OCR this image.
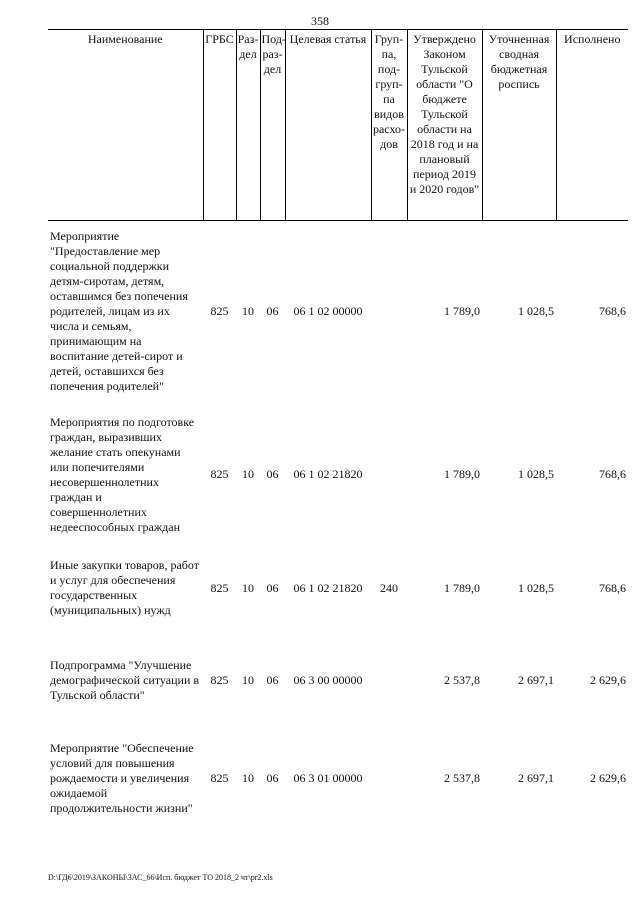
358
Наименование	ГРБС	Раз-дел	Под-раз-дел	Целевая статья	Груп-па, под-груп-па видов расхо-дов	Утверждено Законом Тульской области "О бюджете Тульской области на 2018 год и на плановый период 2019 и 2020 годов"	Уточненная сводная бюджетная роспись	Исполнено
Мероприятие "Предоставление мер социальной поддержки детям-сиротам, детям, оставшимся без попечения родителей, лицам из их числа и семьям, принимающим на воспитание детей-сирот и детей, оставшихся без попечения родителей"	825	10	06	06 1 02 00000		1 789,0	1 028,5	768,6
Мероприятия по подготовке граждан, выразивших желание стать опекунами или попечителями несовершеннолетних граждан и совершеннолетних недееспособных граждан	825	10	06	06 1 02 21820		1 789,0	1 028,5	768,6
Иные закупки товаров, работ и услуг для обеспечения государственных (муниципальных) нужд	825	10	06	06 1 02 21820	240	1 789,0	1 028,5	768,6
Подпрограмма "Улучшение демографической ситуации в Тульской области"	825	10	06	06 3 00 00000		2 537,8	2 697,1	2 629,6
Мероприятие "Обеспечение условий для повышения рождаемости и увеличения ожидаемой продолжительности жизни"	825	10	06	06 3 01 00000		2 537,8	2 697,1	2 629,6
D:\ГД6\2019\ЗАКОНЫ\ЗАС_66\Исп. бюджет ТО 2018_2 чт\pr2.xls
